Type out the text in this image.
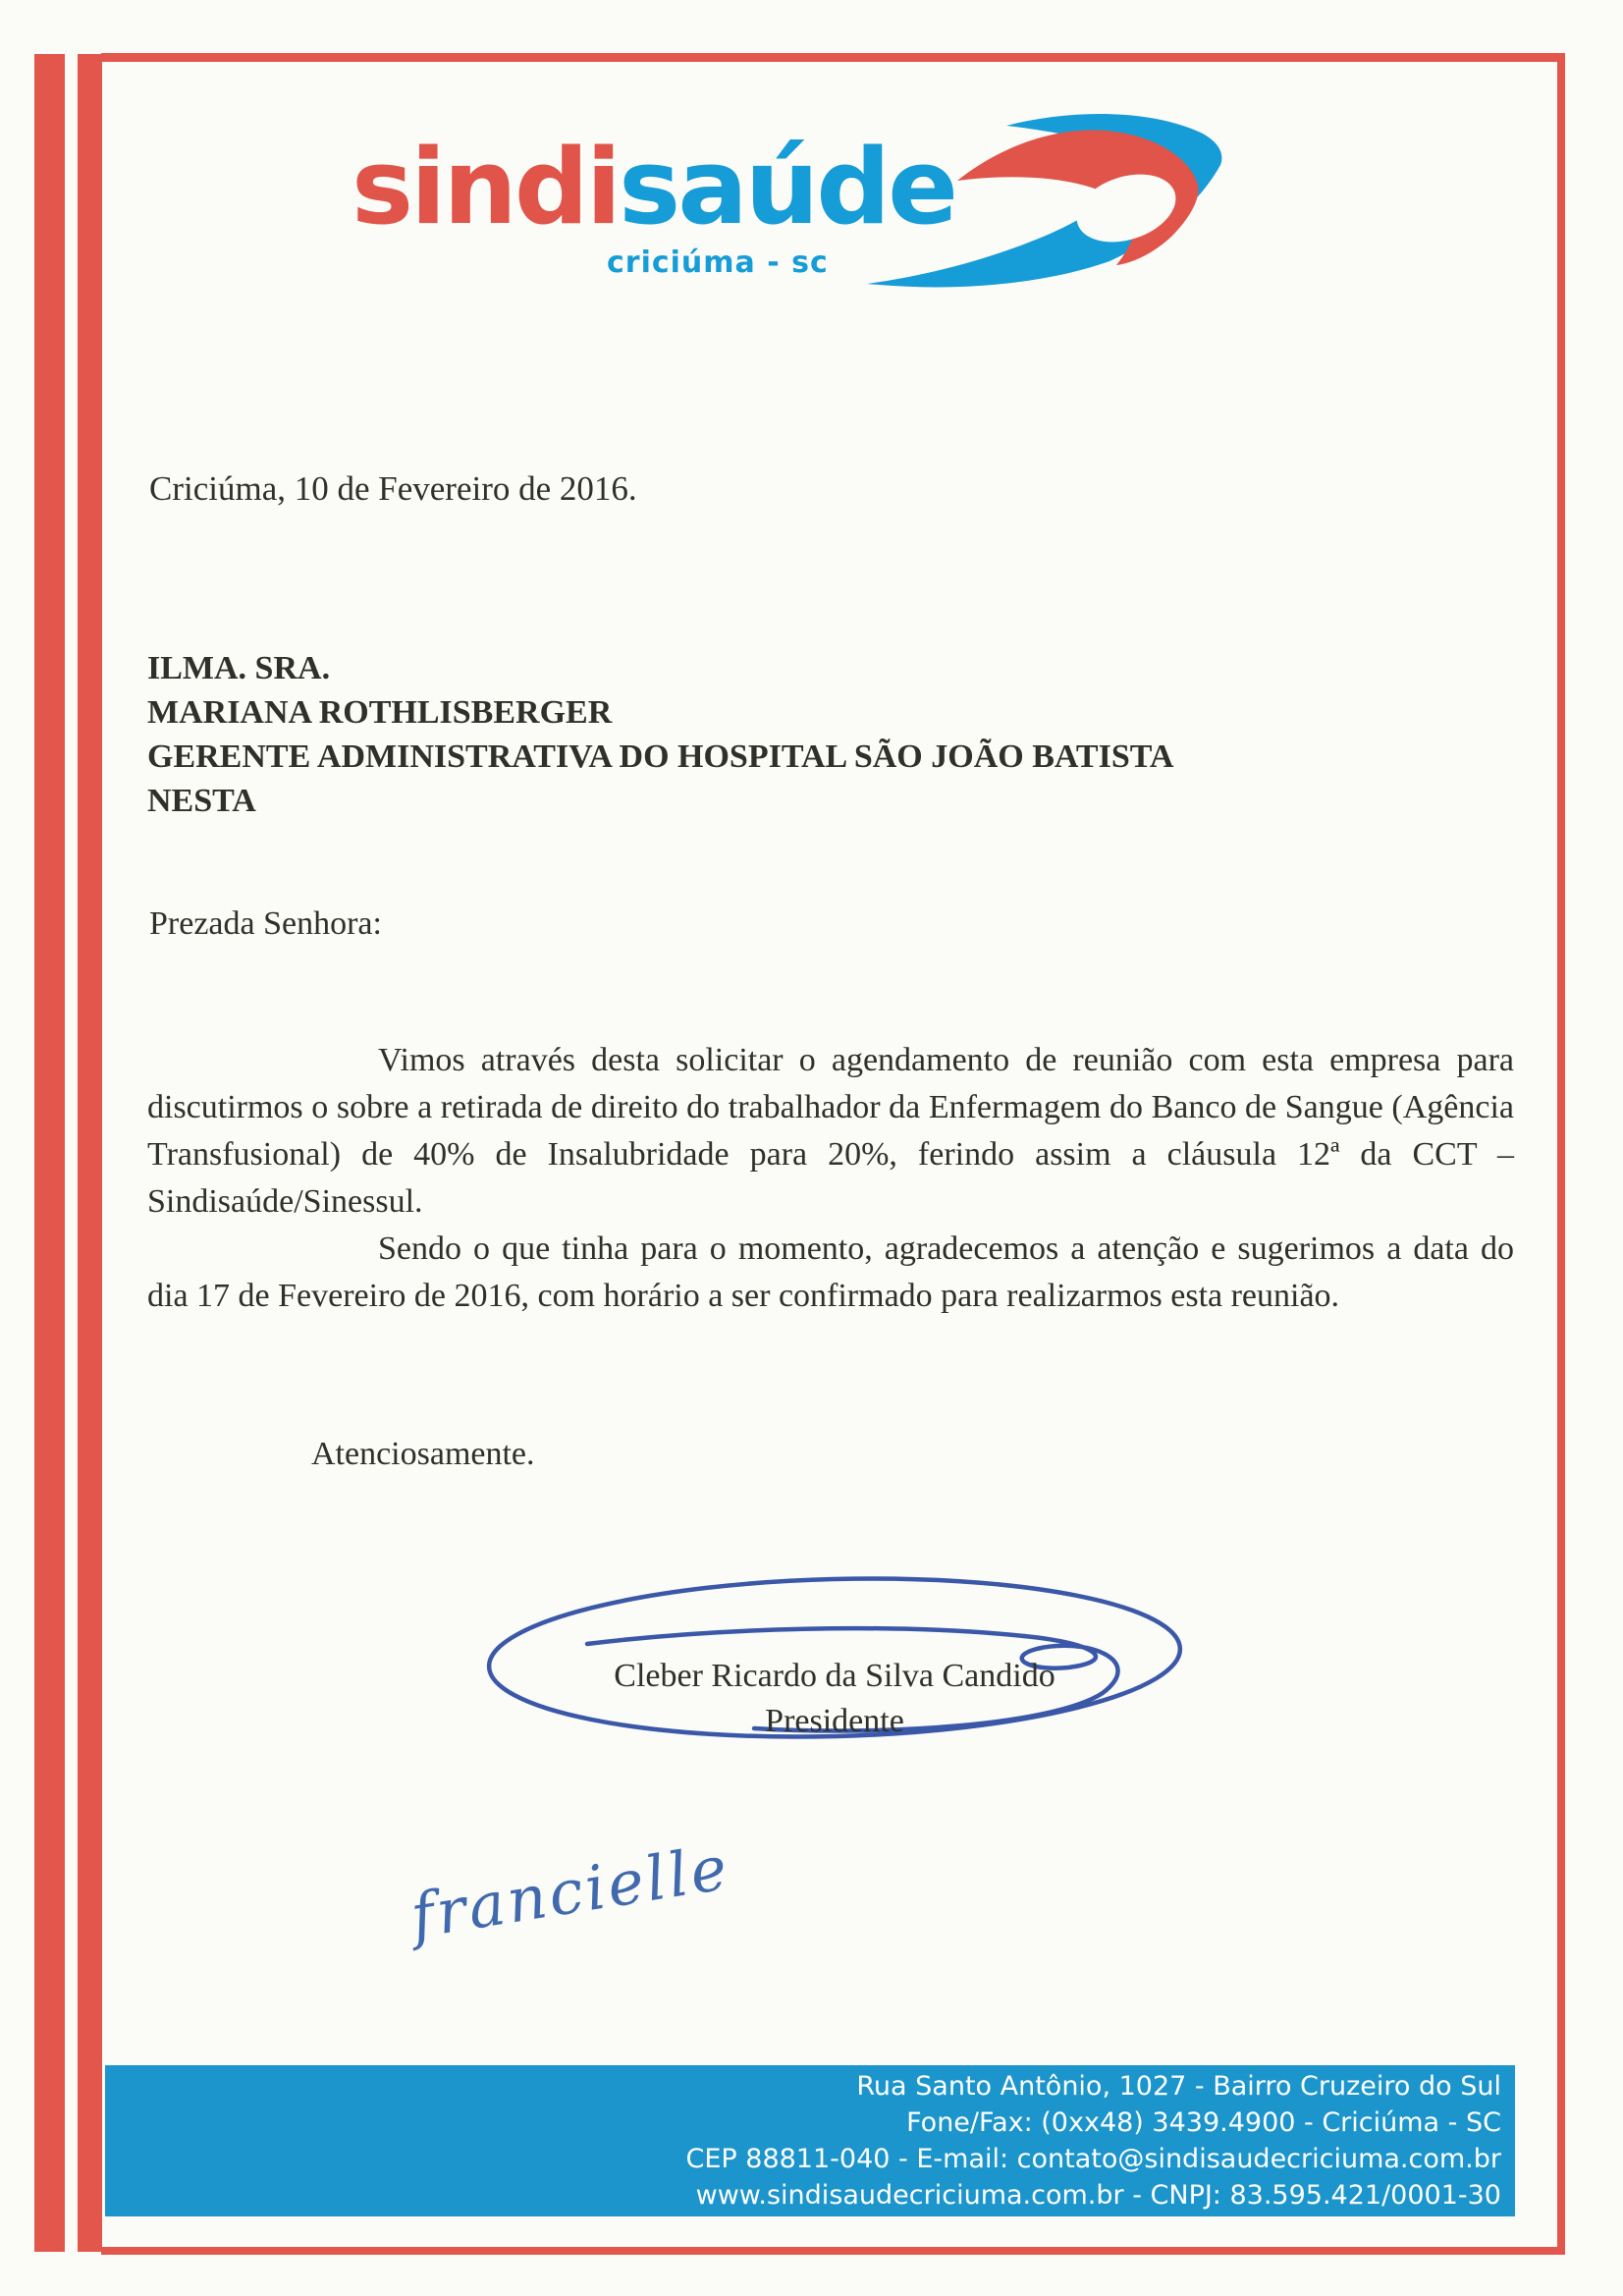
sindisaúde
criciúma - sc
Criciúma, 10 de Fevereiro de 2016.
ILMA. SRA.
MARIANA ROTHLISBERGER
GERENTE ADMINISTRATIVA DO HOSPITAL SÃO JOÃO BATISTA
NESTA
Prezada Senhora:

Vimos através desta solicitar o agendamento de reunião com esta empresa para discutirmos o sobre a retirada de direito do trabalhador da Enfermagem do Banco de Sangue (Agência Transfusional) de 40% de Insalubridade para 20%, ferindo assim a cláusula 12ª da CCT – Sindisaúde/Sinessul.

Sendo o que tinha para o momento, agradecemos a atenção e sugerimos a data do dia 17 de Fevereiro de 2016, com horário a ser confirmado para realizarmos esta reunião.

Atenciosamente.
Cleber Ricardo da Silva Candido
Presidente
francielle
Rua Santo Antônio, 1027 - Bairro Cruzeiro do Sul
Fone/Fax: (0xx48) 3439.4900 - Criciúma - SC
CEP 88811-040 - E-mail: contato@sindisaudecriciuma.com.br
www.sindisaudecriciuma.com.br - CNPJ: 83.595.421/0001-30
